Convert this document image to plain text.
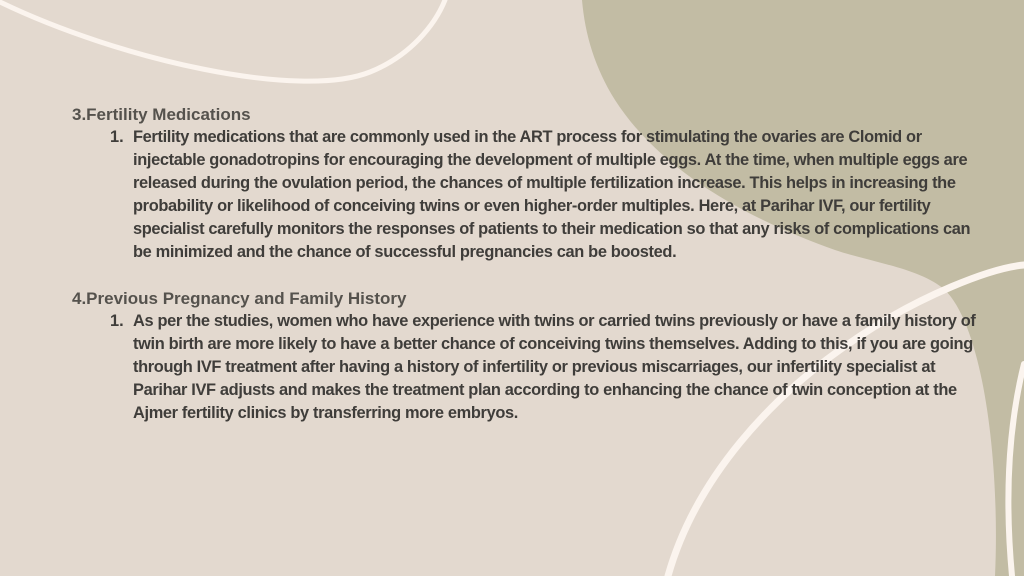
3.Fertility Medications
1. Fertility medications that are commonly used in the ART process for stimulating the ovaries are Clomid or injectable gonadotropins for encouraging the development of multiple eggs. At the time, when multiple eggs are released during the ovulation period, the chances of multiple fertilization increase. This helps in increasing the probability or likelihood of conceiving twins or even higher-order multiples. Here, at Parihar IVF, our fertility specialist carefully monitors the responses of patients to their medication so that any risks of complications can be minimized and the chance of successful pregnancies can be boosted.
4.Previous Pregnancy and Family History
1. As per the studies, women who have experience with twins or carried twins previously or have a family history of twin birth are more likely to have a better chance of conceiving twins themselves. Adding to this, if you are going through IVF treatment after having a history of infertility or previous miscarriages, our infertility specialist at Parihar IVF adjusts and makes the treatment plan according to enhancing the chance of twin conception at the Ajmer fertility clinics by transferring more embryos.
